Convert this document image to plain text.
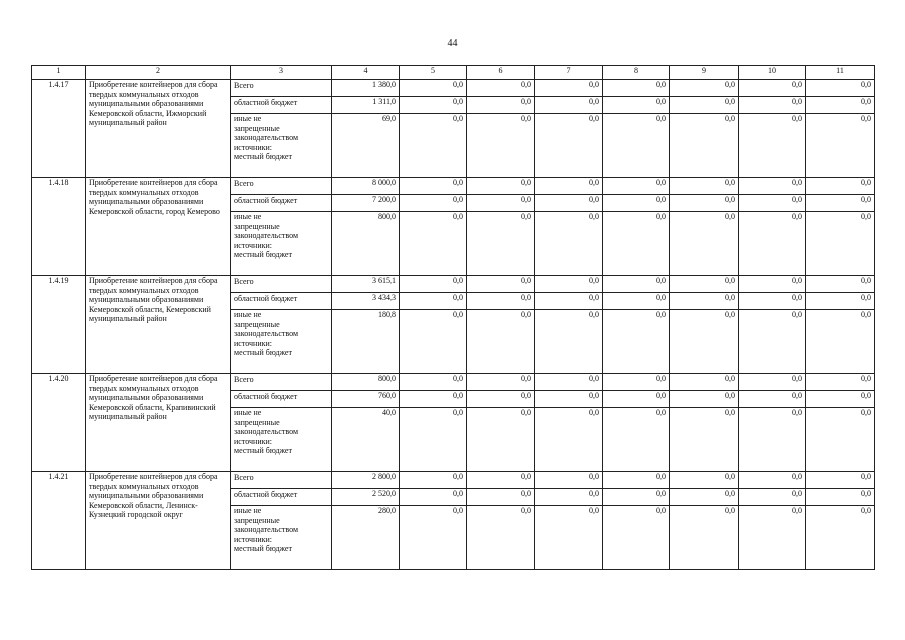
44
1	2	3	4	5	6	7	8	9	10	11
1.4.17	Приобретение контейнеров для сбора твердых коммунальных отходов муниципальными образованиями Кемеровской области, Ижморский муниципальный район	Всего	1 380,0	0,0	0,0	0,0	0,0	0,0	0,0	0,0

		областной бюджет	1 311,0	0,0	0,0	0,0	0,0	0,0	0,0	0,0

		иные не
запрещенные
законодательством
источники:
местный бюджет	69,0	0,0	0,0	0,0	0,0	0,0	0,0	0,0
1.4.18	Приобретение контейнеров для сбора твердых коммунальных отходов муниципальными образованиями Кемеровской области, город Кемерово	Всего	8 000,0	0,0	0,0	0,0	0,0	0,0	0,0	0,0

		областной бюджет	7 200,0	0,0	0,0	0,0	0,0	0,0	0,0	0,0

		иные не
запрещенные
законодательством
источники:
местный бюджет	800,0	0,0	0,0	0,0	0,0	0,0	0,0	0,0
1.4.19	Приобретение контейнеров для сбора твердых коммунальных отходов муниципальными образованиями Кемеровской области, Кемеровский муниципальный район	Всего	3 615,1	0,0	0,0	0,0	0,0	0,0	0,0	0,0

		областной бюджет	3 434,3	0,0	0,0	0,0	0,0	0,0	0,0	0,0

		иные не
запрещенные
законодательством
источники:
местный бюджет	180,8	0,0	0,0	0,0	0,0	0,0	0,0	0,0
1.4.20	Приобретение контейнеров для сбора твердых коммунальных отходов муниципальными образованиями Кемеровской области, Крапивинский муниципальный район	Всего	800,0	0,0	0,0	0,0	0,0	0,0	0,0	0,0

		областной бюджет	760,0	0,0	0,0	0,0	0,0	0,0	0,0	0,0

		иные не
запрещенные
законодательством
источники:
местный бюджет	40,0	0,0	0,0	0,0	0,0	0,0	0,0	0,0
1.4.21	Приобретение контейнеров для сбора твердых коммунальных отходов муниципальными образованиями Кемеровской области, Ленинск-Кузнецкий городской округ	Всего	2 800,0	0,0	0,0	0,0	0,0	0,0	0,0	0,0

		областной бюджет	2 520,0	0,0	0,0	0,0	0,0	0,0	0,0	0,0

		иные не
запрещенные
законодательством
источники:
местный бюджет	280,0	0,0	0,0	0,0	0,0	0,0	0,0	0,0
